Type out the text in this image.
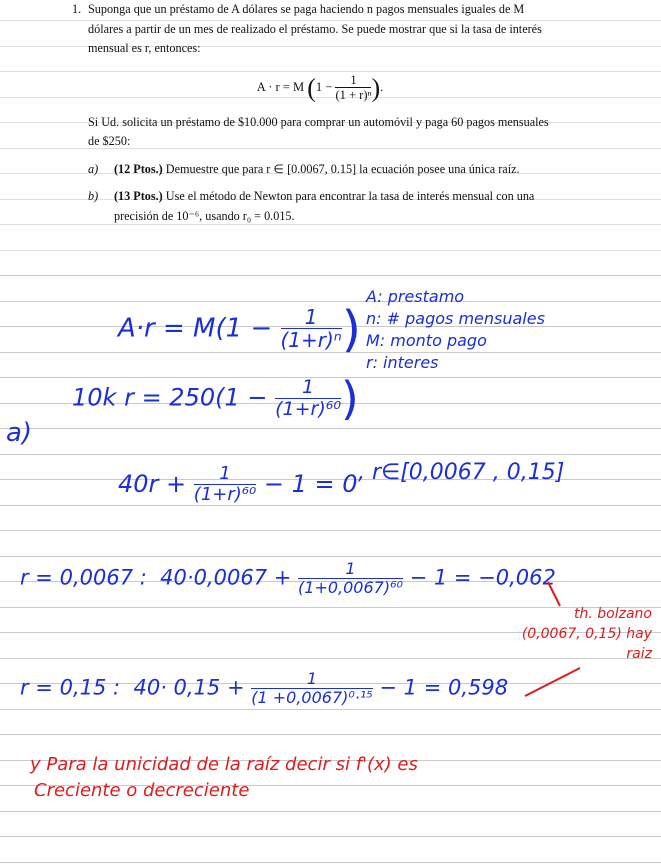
1. Suponga que un préstamo de A dólares se paga haciendo n pagos mensuales iguales de M dólares a partir de un mes de realizado el préstamo. Se puede mostrar que si la tasa de interés mensual es r, entonces:
A · r = M ($1 - \frac{1}{\text{(1 + r)ⁿ}}$ ).
Si Ud. solicita un préstamo de $10.000 para comprar un automóvil y paga 60 pagos mensuales de $250:
a)	(12 Ptos.) Demuestre que para r ∈ [0.0067, 0.15] la ecuación posee una única raíz.
b)	(13 Ptos.) Use el método de Newton para encontrar la tasa de interés mensual con una precisión de 10⁻⁶, usando r₀ = 0.015.
$A\cdot r = M(1 - \frac{1}{\text{(1+r)ⁿ}}$ )
A: prestamo
n: # pagos mensuales
M: monto pago
r: interes
10k $r = 250(1 - \frac{1}{\text{(1+r)⁶⁰}}$ )
a)
$40r + \frac{1}{\text{(1+r)⁶⁰}} - 1 = 0$ , r∈[0,0067 , 0,15]
r = 0,0067 : $40\cdot 0,0067 + \frac{1}{\text{(1+0,0067)⁶⁰}} - 1 = -0,062$
r = 0,15 : $40\cdot 0,15 + \frac{1}{\text{(1 +0,0067)⁰·¹⁵}} - 1 = 0,598$
th. bolzano
(0,0067, 0,15) hay
raiz
y Para la unicidad de la raíz decir si f'(x) es
Creciente o decreciente
